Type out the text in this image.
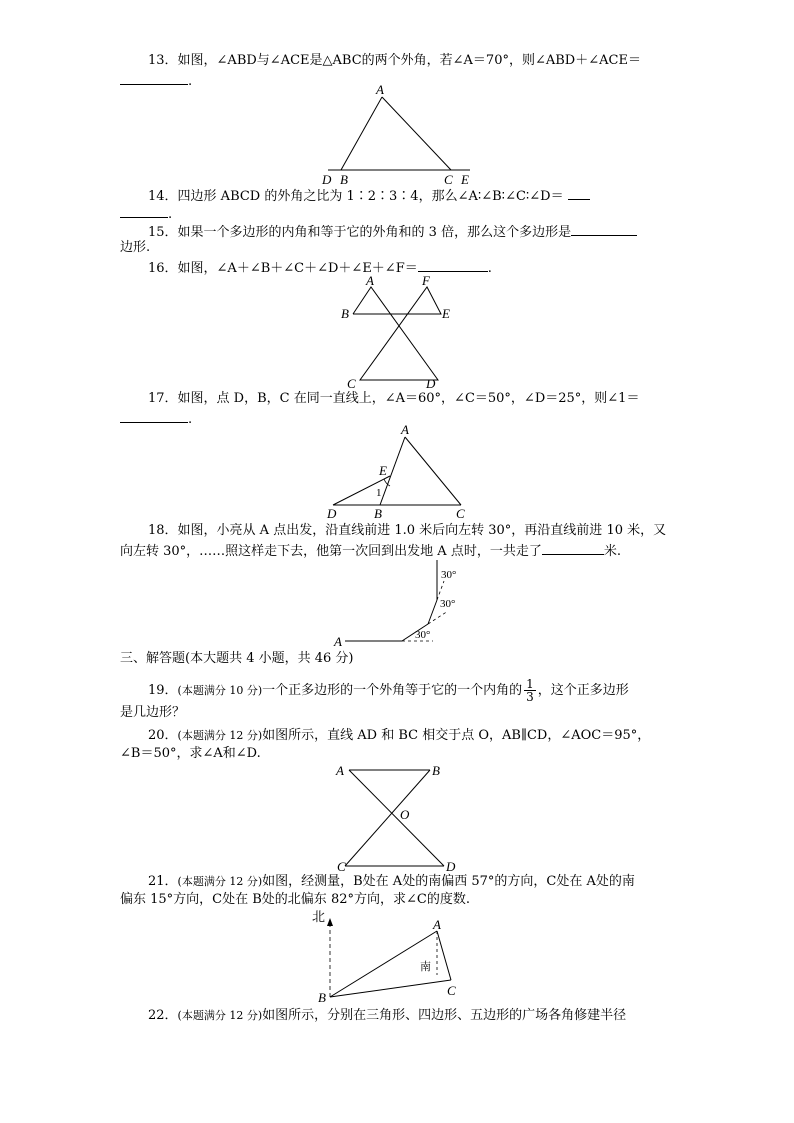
13．如图，∠ABD与∠ACE是△ABC的两个外角，若∠A＝70°，则∠ABD＋∠ACE＝
.
A
D B	C E
A
B
C	D
E
F
A
E
1
D	B	C
A
30°
30°
30°
A	B
O
C	D
北
南
A
B	C
14．四边形 ABCD 的外角之比为 1∶2∶3∶4，那么∠A∶∠B∶∠C∶∠D＝
.
15．如果一个多边形的内角和等于它的外角和的 3 倍，那么这个多边形是
边形.
16．如图，∠A＋∠B＋∠C＋∠D＋∠E＋∠F＝	.
17．如图，点 D，B，C 在同一直线上，∠A＝60°，∠C＝50°，∠D＝25°，则∠1＝
.
18．如图，小亮从 A 点出发，沿直线前进 1.0 米后向左转 30°，再沿直线前进 10 米，又
向左转 30°，……照这样走下去，他第一次回到出发地 A 点时，一共走了	米.
三、解答题(本大题共 4 小题，共 46 分)
19．(本题满分 10 分)一个正多边形的一个外角等于它的一个内角的 $\frac{1}{3}$ ，这个正多边形
是几边形？
20．(本题满分 12 分)如图所示，直线 AD 和 BC 相交于点 O，AB∥CD，∠AOC＝95°，
∠B＝50°，求∠A和∠D.
21．(本题满分 12 分)如图，经测量，B处在 A处的南偏西 57°的方向，C处在 A处的南
偏东 15°方向，C处在 B处的北偏东 82°方向，求∠C的度数.
22．(本题满分 12 分)如图所示，分别在三角形、四边形、五边形的广场各角修建半径
